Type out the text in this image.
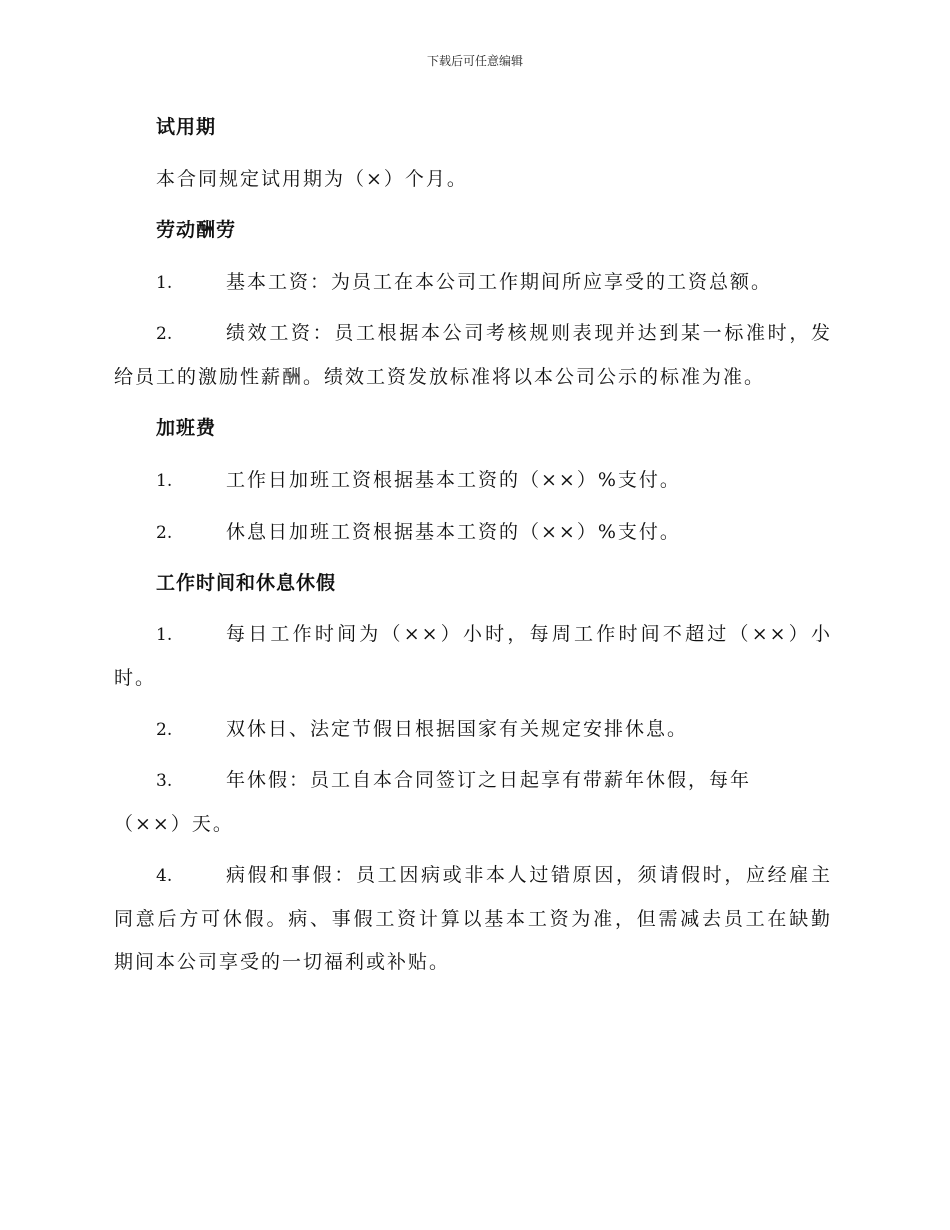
下载后可任意编辑
试用期
本合同规定试用期为（×）个月。
劳动酬劳
1.	基本工资：为员工在本公司工作期间所应享受的工资总额。
2.	绩效工资：员工根据本公司考核规则表现并达到某一标准时，发
给员工的激励性薪酬。绩效工资发放标准将以本公司公示的标准为准。
加班费
1.	工作日加班工资根据基本工资的（××）%支付。
2.	休息日加班工资根据基本工资的（××）%支付。
工作时间和休息休假
1.	每日工作时间为（××）小时，每周工作时间不超过（××）小
时。
2.	双休日、法定节假日根据国家有关规定安排休息。
3.	年休假：员工自本合同签订之日起享有带薪年休假，每年
（××）天。
4.	病假和事假：员工因病或非本人过错原因，须请假时，应经雇主
同意后方可休假。病、事假工资计算以基本工资为准，但需减去员工在缺勤
期间本公司享受的一切福利或补贴。
